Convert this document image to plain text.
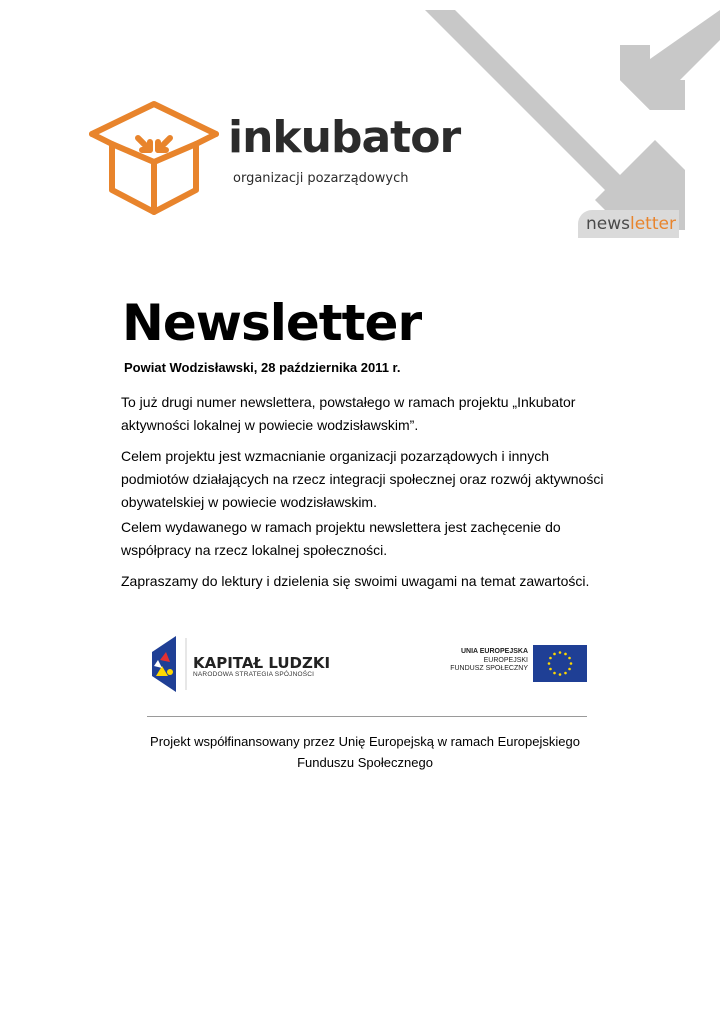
newsletter
inkubator
organizacji pozarządowych
Newsletter
Powiat Wodzisławski, 28 października 2011 r.
To już drugi numer newslettera, powstałego w ramach projektu „Inkubator aktywności lokalnej w powiecie wodzisławskim”.
Celem projektu jest wzmacnianie organizacji pozarządowych i innych podmiotów działających na rzecz integracji społecznej oraz rozwój aktywności obywatelskiej w powiecie wodzisławskim.
Celem wydawanego w ramach projektu newslettera jest zachęcenie do współpracy na rzecz lokalnej społeczności.
Zapraszamy do lektury i dzielenia się swoimi uwagami na temat zawartości.
KAPITAŁ LUDZKI
NARODOWA STRATEGIA SPÓJNOŚCI
UNIA EUROPEJSKA
EUROPEJSKI
FUNDUSZ SPOŁECZNY
Projekt współfinansowany przez Unię Europejską w ramach Europejskiego Funduszu Społecznego
